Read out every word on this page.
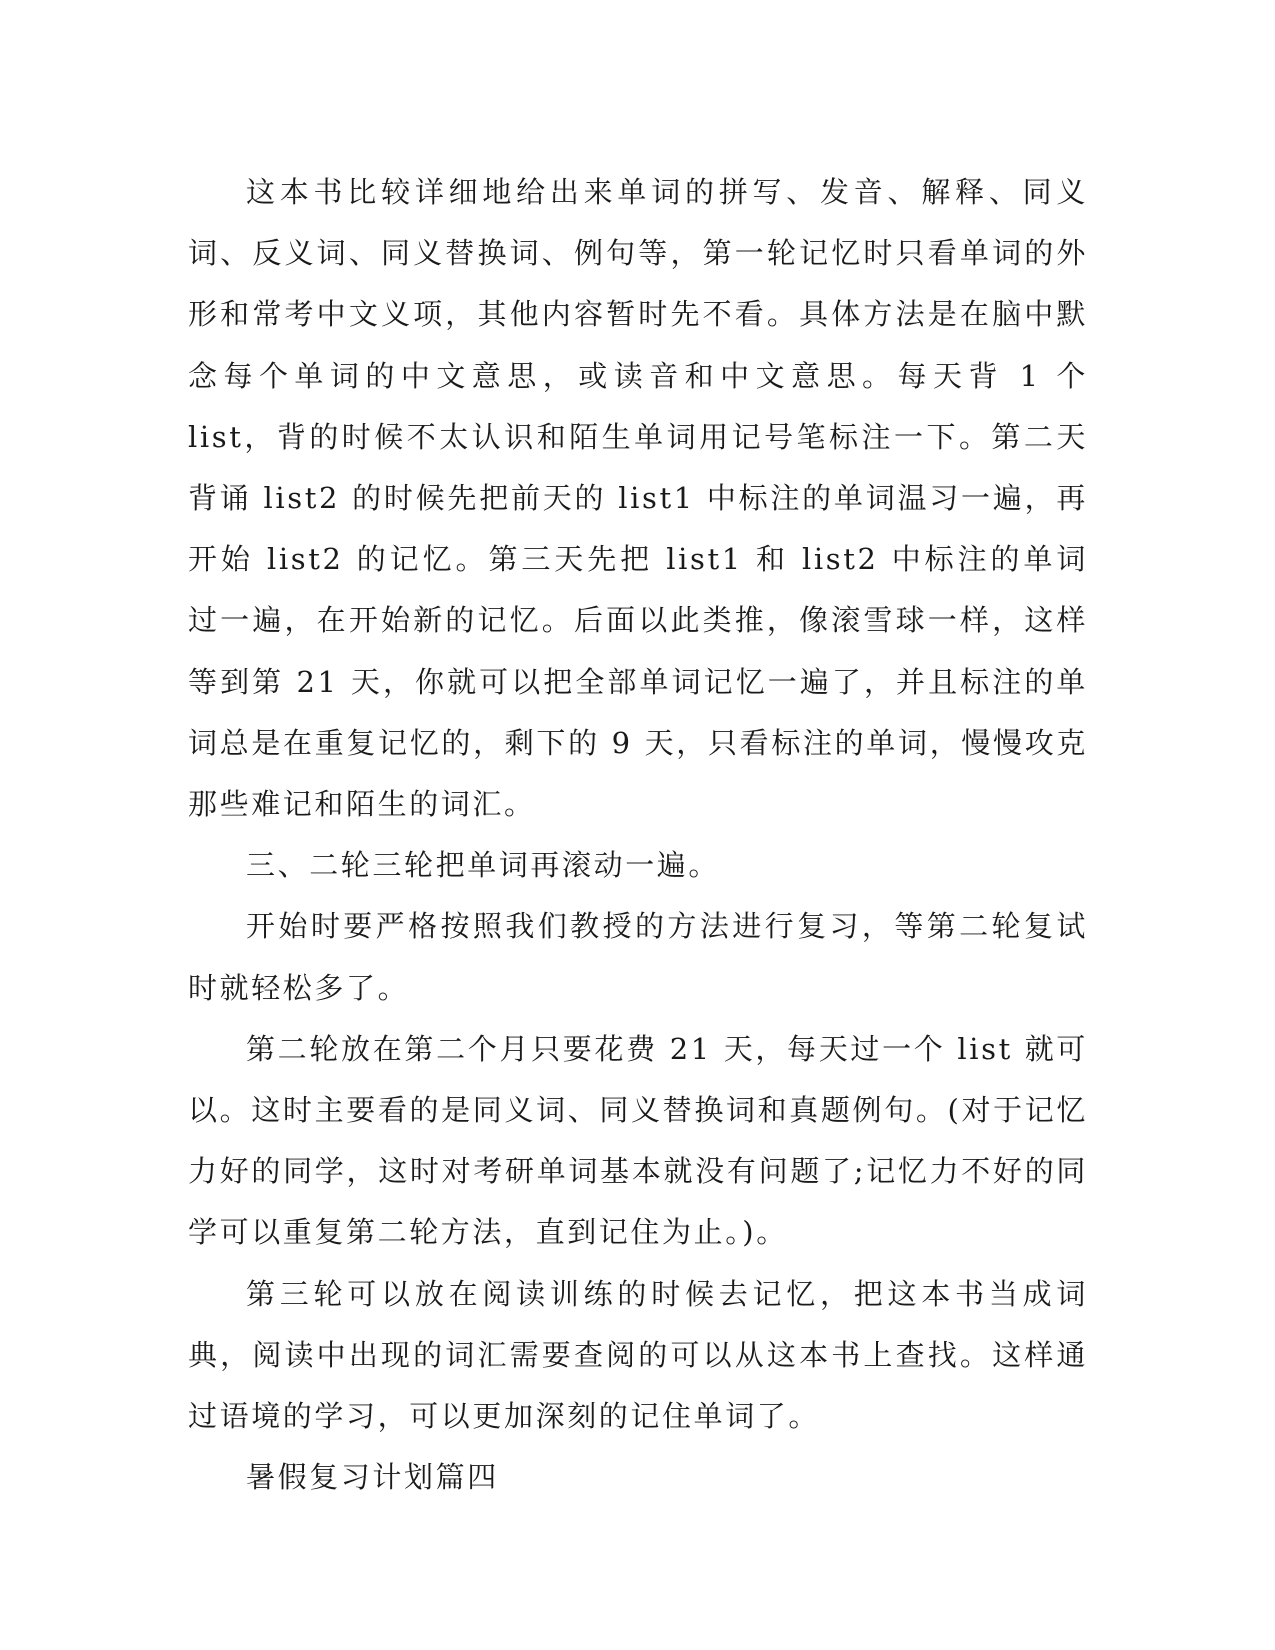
这本书比较详细地给出来单词的拼写、发音、解释、同义词、反义词、同义替换词、例句等，第一轮记忆时只看单词的外形和常考中文义项，其他内容暂时先不看。具体方法是在脑中默念每个单词的中文意思，或读音和中文意思。每天背 1 个 list，背的时候不太认识和陌生单词用记号笔标注一下。第二天背诵 list2 的时候先把前天的 list1 中标注的单词温习一遍，再开始 list2 的记忆。第三天先把 list1 和 list2 中标注的单词过一遍，在开始新的记忆。后面以此类推，像滚雪球一样，这样等到第 21 天，你就可以把全部单词记忆一遍了，并且标注的单词总是在重复记忆的，剩下的 9 天，只看标注的单词，慢慢攻克那些难记和陌生的词汇。

三、二轮三轮把单词再滚动一遍。

开始时要严格按照我们教授的方法进行复习，等第二轮复试时就轻松多了。

第二轮放在第二个月只要花费 21 天，每天过一个 list 就可以。这时主要看的是同义词、同义替换词和真题例句。(对于记忆力好的同学，这时对考研单词基本就没有问题了;记忆力不好的同学可以重复第二轮方法，直到记住为止。)。

第三轮可以放在阅读训练的时候去记忆，把这本书当成词典，阅读中出现的词汇需要查阅的可以从这本书上查找。这样通过语境的学习，可以更加深刻的记住单词了。

暑假复习计划篇四
